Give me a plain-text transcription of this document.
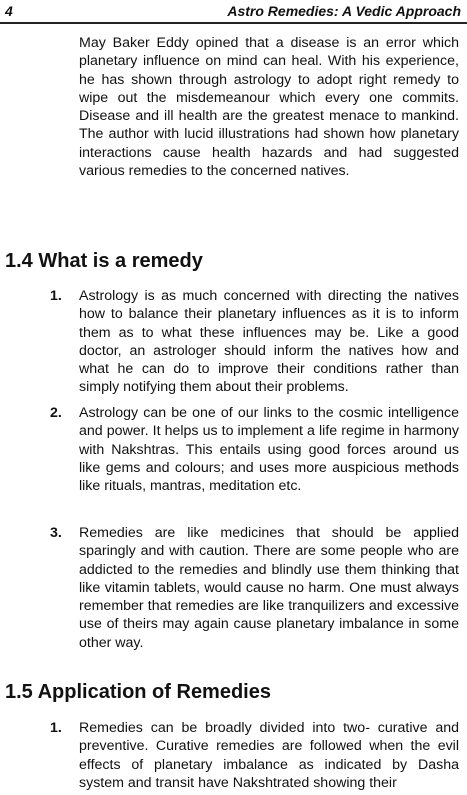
4	Astro Remedies: A Vedic Approach

May Baker Eddy opined that a disease is an error which planetary influence on mind can heal. With his experience, he has shown through astrology to adopt right remedy to wipe out the misdemeanour which every one commits. Disease and ill health are the greatest menace to mankind. The author with lucid illustrations had shown how planetary interactions cause health hazards and had suggested various remedies to the concerned natives.

1.4 What is a remedy
1. Astrology is as much concerned with directing the natives how to balance their planetary influences as it is to inform them as to what these influences may be. Like a good doctor, an astrologer should inform the natives how and what he can do to improve their conditions rather than simply notifying them about their problems.

2. Astrology can be one of our links to the cosmic intelligence and power. It helps us to implement a life regime in harmony with Nakshtras. This entails using good forces around us like gems and colours; and uses more auspicious methods like rituals, mantras, meditation etc.

3. Remedies are like medicines that should be applied sparingly and with caution. There are some people who are addicted to the remedies and blindly use them thinking that like vitamin tablets, would cause no harm. One must always remember that remedies are like tranquilizers and excessive use of theirs may again cause planetary imbalance in some other way.

1.5 Application of Remedies
1. Remedies can be broadly divided into two- curative and preventive. Curative remedies are followed when the evil effects of planetary imbalance as indicated by Dasha system and transit have Nakshtrated showing their
